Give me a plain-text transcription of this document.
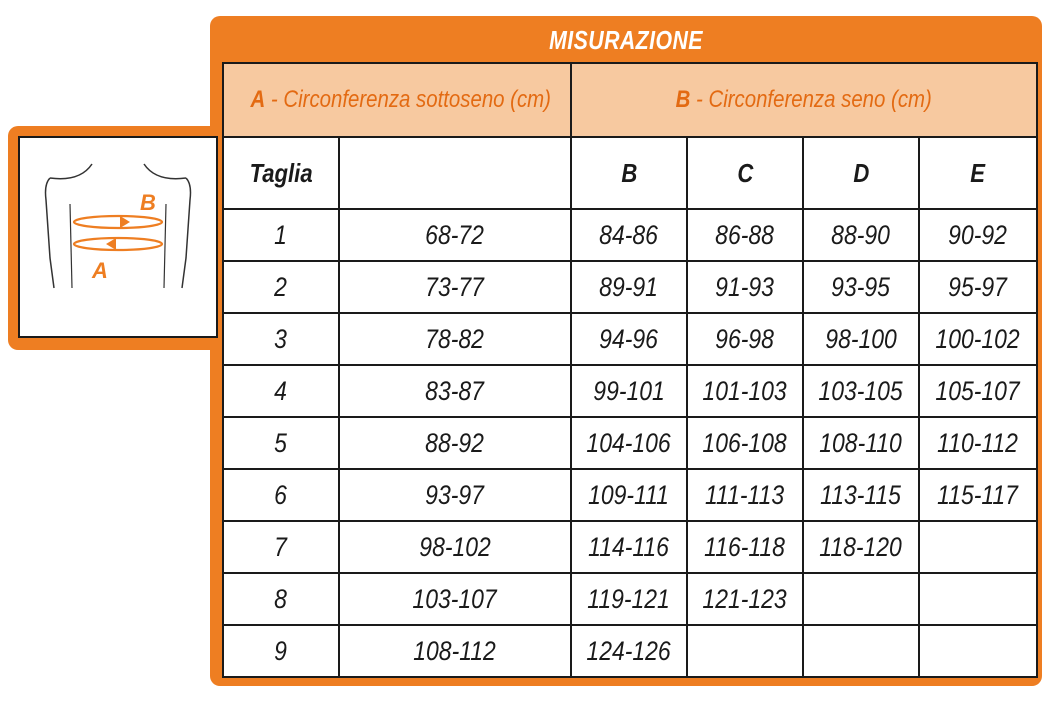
MISURAZIONE
B
A
A - Circonferenza sottoseno (cm)		B - Circonferenza seno (cm)			
Taglia		B	C	D	E
1	68-72	84-86	86-88	88-90	90-92
2	73-77	89-91	91-93	93-95	95-97
3	78-82	94-96	96-98	98-100	100-102
4	83-87	99-101	101-103	103-105	105-107
5	88-92	104-106	106-108	108-110	110-112
6	93-97	109-111	111-113	113-115	115-117
7	98-102	114-116	116-118	118-120	
8	103-107	119-121	121-123		
9	108-112	124-126			
